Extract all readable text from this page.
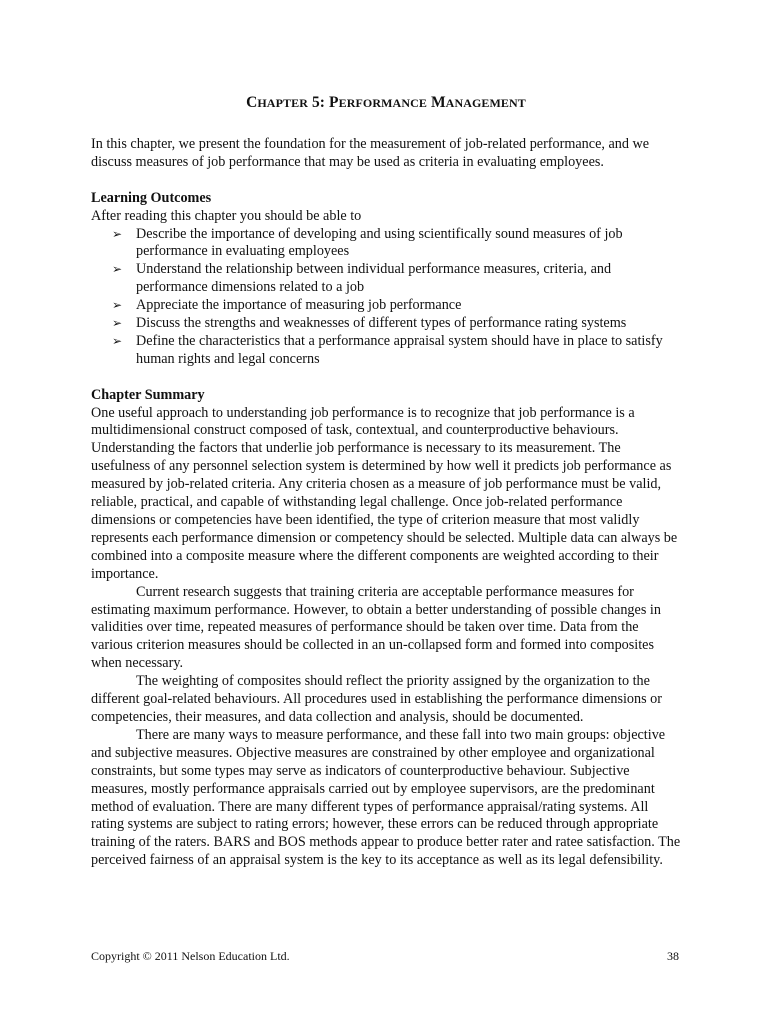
CHAPTER 5: PERFORMANCE MANAGEMENT

In this chapter, we present the foundation for the measurement of job-related performance, and we discuss measures of job performance that may be used as criteria in evaluating employees.

Learning Outcomes

After reading this chapter you should be able to

➢ Describe the importance of developing and using scientifically sound measures of job performance in evaluating employees
➢ Understand the relationship between individual performance measures, criteria, and performance dimensions related to a job
➢ Appreciate the importance of measuring job performance
➢ Discuss the strengths and weaknesses of different types of performance rating systems
➢ Define the characteristics that a performance appraisal system should have in place to satisfy human rights and legal concerns

Chapter Summary

One useful approach to understanding job performance is to recognize that job performance is a multidimensional construct composed of task, contextual, and counterproductive behaviours. Understanding the factors that underlie job performance is necessary to its measurement. The usefulness of any personnel selection system is determined by how well it predicts job performance as measured by job-related criteria. Any criteria chosen as a measure of job performance must be valid, reliable, practical, and capable of withstanding legal challenge. Once job-related performance dimensions or competencies have been identified, the type of criterion measure that most validly represents each performance dimension or competency should be selected. Multiple data can always be combined into a composite measure where the different components are weighted according to their importance.

Current research suggests that training criteria are acceptable performance measures for estimating maximum performance. However, to obtain a better understanding of possible changes in validities over time, repeated measures of performance should be taken over time. Data from the various criterion measures should be collected in an un-collapsed form and formed into composites when necessary.

The weighting of composites should reflect the priority assigned by the organization to the different goal-related behaviours. All procedures used in establishing the performance dimensions or competencies, their measures, and data collection and analysis, should be documented.

There are many ways to measure performance, and these fall into two main groups: objective and subjective measures. Objective measures are constrained by other employee and organizational constraints, but some types may serve as indicators of counterproductive behaviour. Subjective measures, mostly performance appraisals carried out by employee supervisors, are the predominant method of evaluation. There are many different types of performance appraisal/rating systems. All rating systems are subject to rating errors; however, these errors can be reduced through appropriate training of the raters. BARS and BOS methods appear to produce better rater and ratee satisfaction. The perceived fairness of an appraisal system is the key to its acceptance as well as its legal defensibility.

Copyright © 2011 Nelson Education Ltd.	38
